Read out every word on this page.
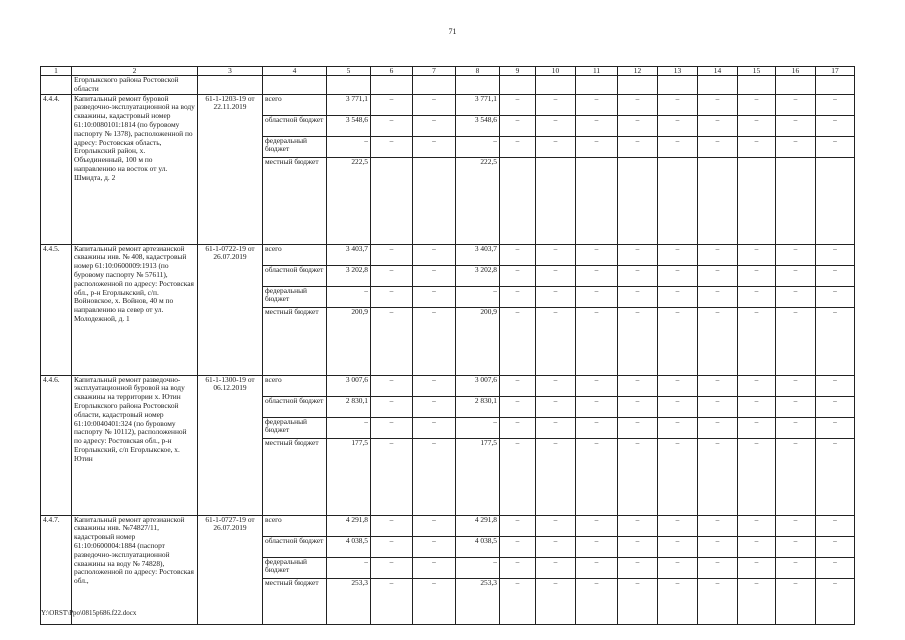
71
1	2	3	4	5	6	7	8	9	10	11	12	13	14	15	16	17
	Егорлыкского района Ростовской области															
4.4.4.	Капитальный ремонт буровой разведочно-эксплуатационной на воду скважины, кадастровый номер 61:10:0080101:1814 (по буровому паспорту № 1378), расположенной по адресу: Ростовская область, Егорлыкский район, х. Объединенный, 100 м по направлению на восток от ул. Шмидта, д. 2	61-1-1203-19 от 22.11.2019	всего	3 771,1	–	–	3 771,1	–	–	–	–	–	–	–	–	–
			областной бюджет	3 548,6	–	–	3 548,6	–	–	–	–	–	–	–	–	–
			федеральный бюджет	–	–	–	–	–	–	–	–	–	–	–	–	–
			местный бюджет	222,5			222,5									
4.4.5.	Капитальный ремонт артезианской скважины инв. № 408, кадастровый номер 61:10:0600009:1913 (по буровому паспорту № 57611), расположенной по адресу: Ростовская обл., р-н Егорлыкский, с/п. Войновское, х. Войнов, 40 м по направлению на север от ул. Молодежной, д. 1	61-1-0722-19 от 26.07.2019	всего	3 403,7	–	–	3 403,7	–	–	–	–	–	–	–	–	–
			областной бюджет	3 202,8	–	–	3 202,8	–	–	–	–	–	–	–	–	–
			федеральный бюджет	–	–	–	–	–	–	–	–	–	–	–	–	–
			местный бюджет	200,9	–	–	200,9	–	–	–	–	–	–	–	–	–
4.4.6.	Капитальный ремонт разведочно-эксплуатационной буровой на воду скважины на территории х. Ютин Егорлыкского района Ростовской области, кадастровый номер 61:10:0040401:324 (по буровому паспорту № 10112), расположенной по адресу: Ростовская обл., р-н Егорлыкский, с/п Егорлыкское, х. Ютин	61-1-1300-19 от 06.12.2019	всего	3 007,6	–	–	3 007,6	–	–	–	–	–	–	–	–	–
			областной бюджет	2 830,1	–	–	2 830,1	–	–	–	–	–	–	–	–	–
			федеральный бюджет	–	–	–	–	–	–	–	–	–	–	–	–	–
			местный бюджет	177,5	–	–	177,5	–	–	–	–	–	–	–	–	–
4.4.7.	Капитальный ремонт артезианской скважины инв. №74827/11, кадастровый номер 61:10:0600004:1884 (паспорт разведочно-эксплуатационной скважины на воду № 74828), расположенной по адресу: Ростовская обл.,	61-1-0727-19 от 26.07.2019	всего	4 291,8	–	–	4 291,8	–	–	–	–	–	–	–	–	–
			областной бюджет	4 038,5	–	–	4 038,5	–	–	–	–	–	–	–	–	–
			федеральный бюджет	–	–	–	–	–	–	–	–	–	–	–	–	–
			местный бюджет	253,3	–	–	253,3	–	–	–	–	–	–	–	–	–
Y:\ORST\Ppo\0815p686.f22.docx
